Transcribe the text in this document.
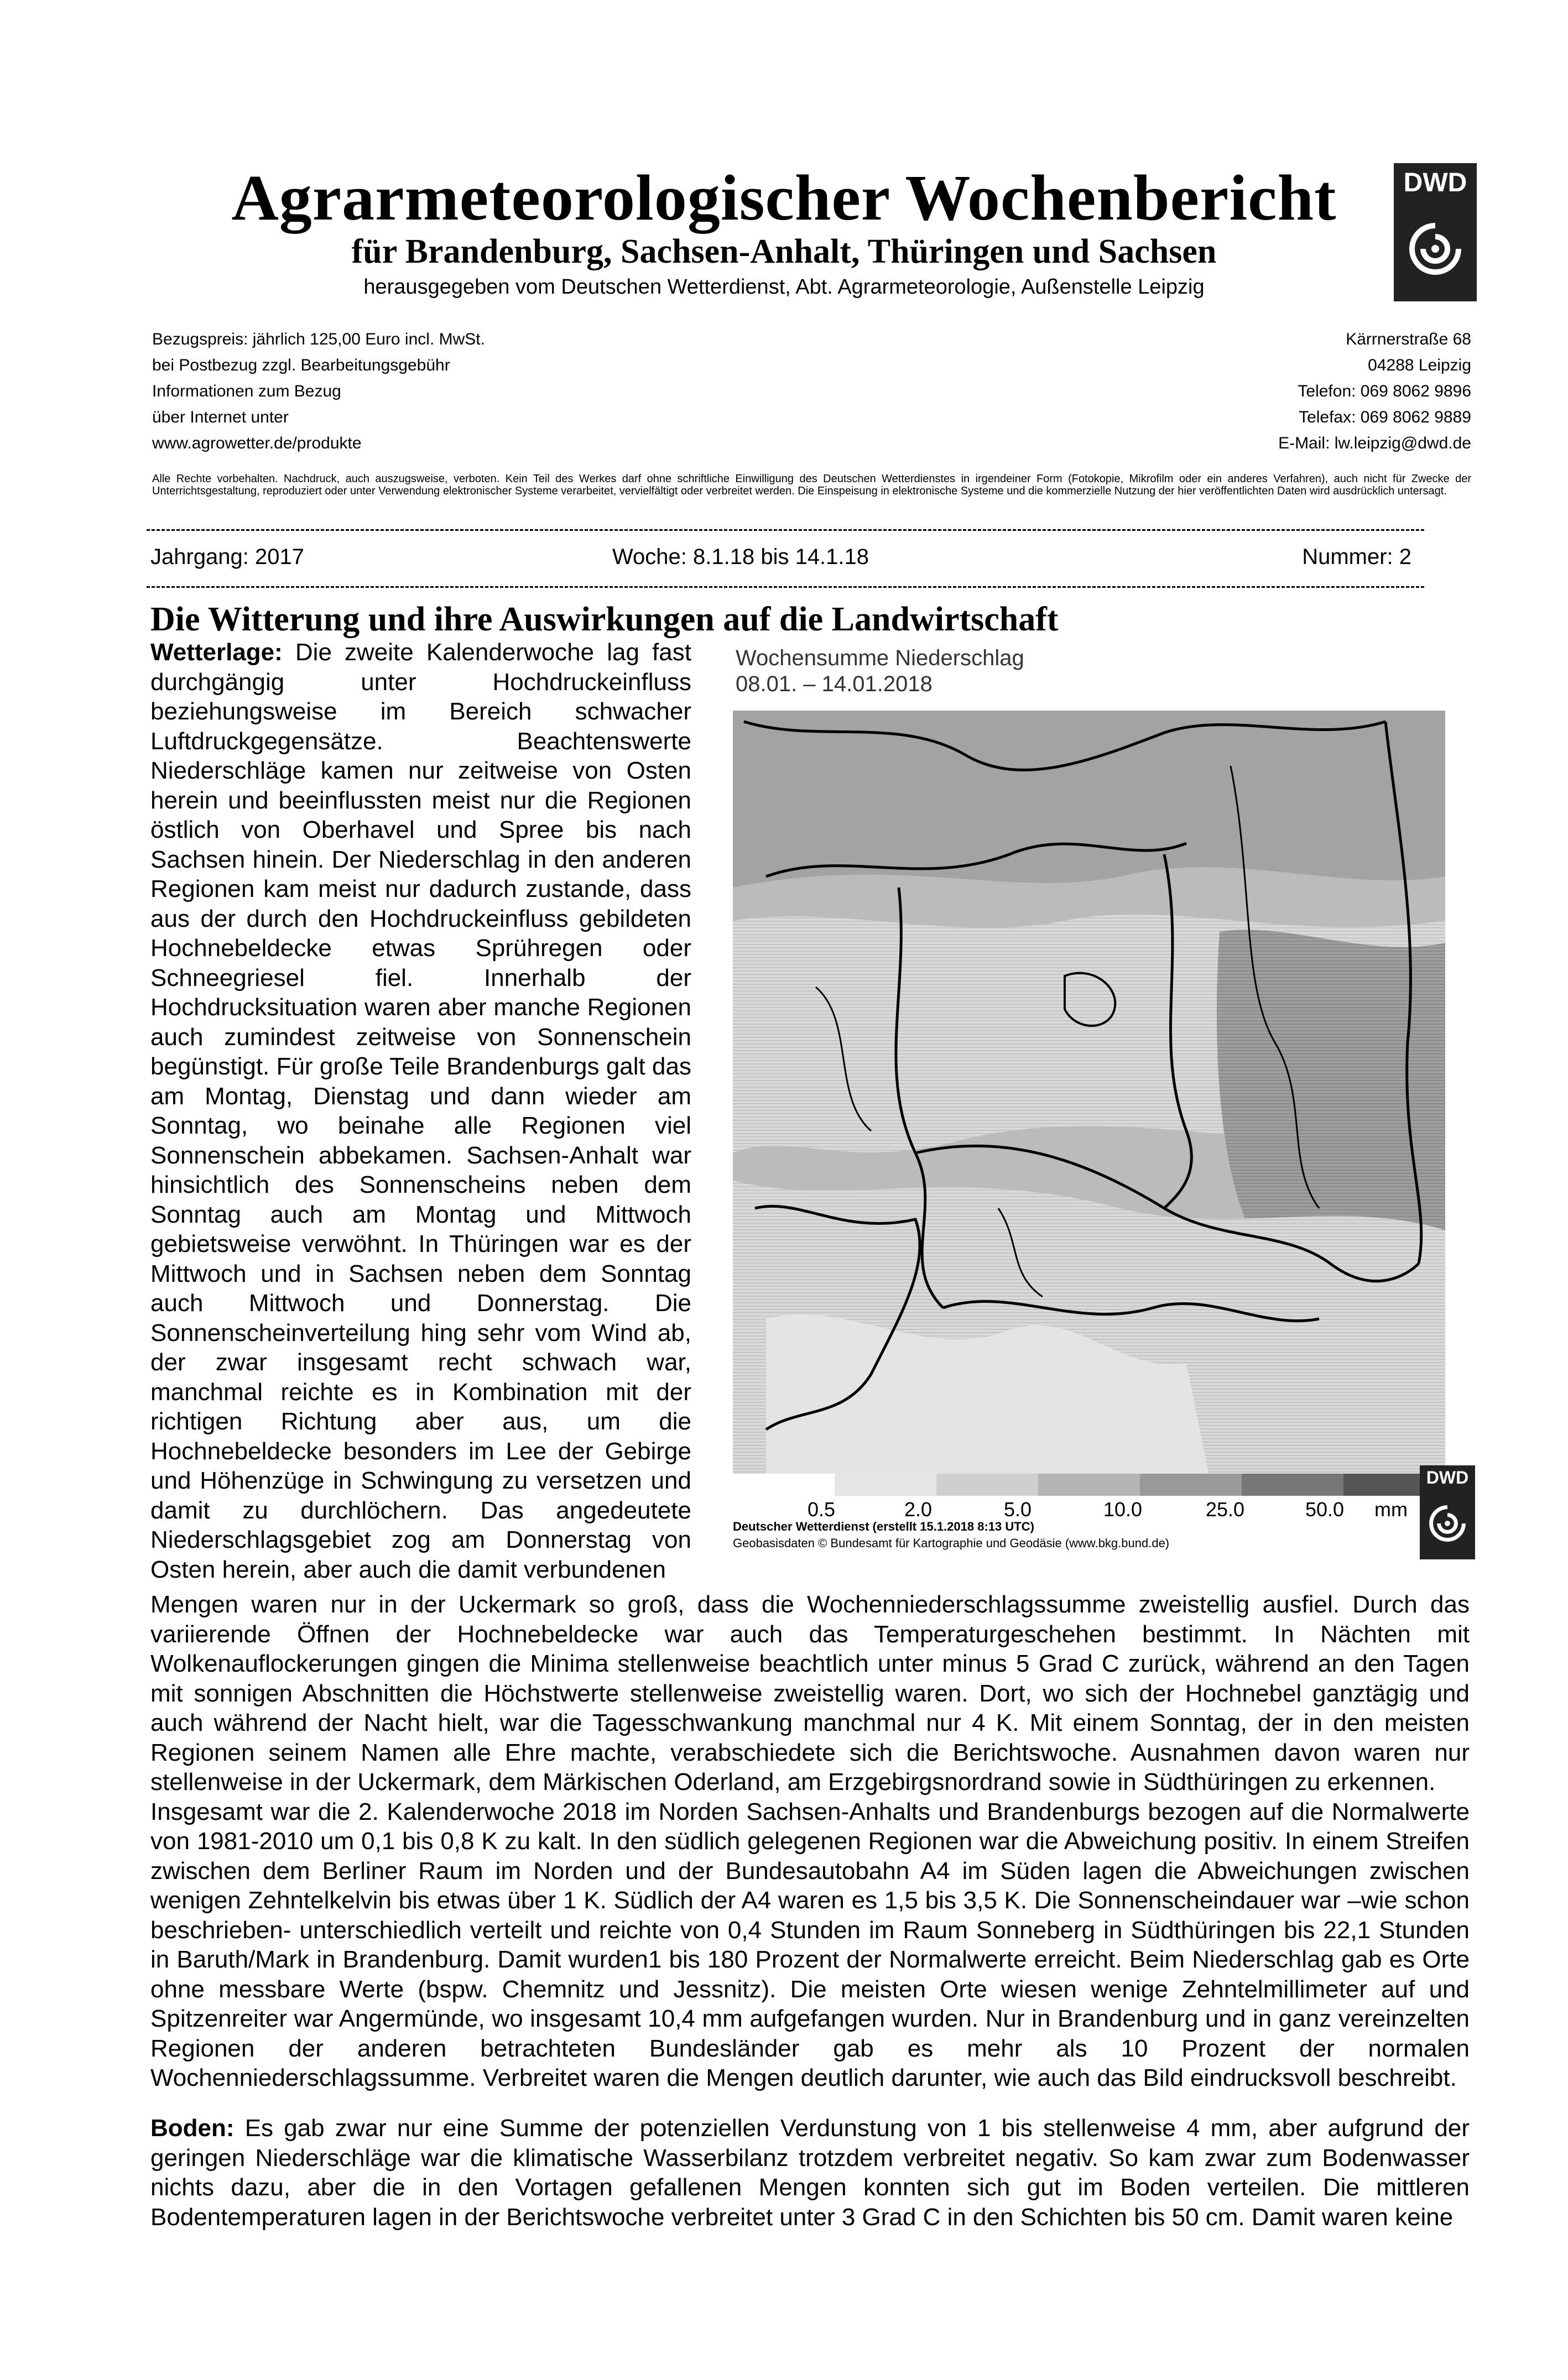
Agrarmeteorologischer Wochenbericht
für Brandenburg, Sachsen-Anhalt, Thüringen und Sachsen
herausgegeben vom Deutschen Wetterdienst, Abt. Agrarmeteorologie, Außenstelle Leipzig
DWD
Bezugspreis: jährlich 125,00 Euro incl. MwSt.
bei Postbezug zzgl. Bearbeitungsgebühr
Informationen zum Bezug
über Internet unter
www.agrowetter.de/produkte
Kärrnerstraße 68
04288 Leipzig
Telefon: 069 8062 9896
Telefax: 069 8062 9889
E-Mail: lw.leipzig@dwd.de
Alle Rechte vorbehalten. Nachdruck, auch auszugsweise, verboten. Kein Teil des Werkes darf ohne schriftliche Einwilligung des Deutschen Wetterdienstes in irgendeiner Form (Fotokopie, Mikrofilm oder ein anderes Verfahren), auch nicht für Zwecke der Unterrichtsgestaltung, reproduziert oder unter Verwendung elektronischer Systeme verarbeitet, vervielfältigt oder verbreitet werden. Die Einspeisung in elektronische Systeme und die kommerzielle Nutzung der hier veröffentlichten Daten wird ausdrücklich untersagt.
Jahrgang: 2017	Woche: 8.1.18 bis 14.1.18	Nummer: 2
Die Witterung und ihre Auswirkungen auf die Landwirtschaft
Wetterlage: Die zweite Kalenderwoche lag fast durchgängig unter Hochdruckeinfluss beziehungsweise im Bereich schwacher Luftdruckgegensätze. Beachtenswerte Niederschläge kamen nur zeitweise von Osten herein und beeinflussten meist nur die Regionen östlich von Oberhavel und Spree bis nach Sachsen hinein. Der Niederschlag in den anderen Regionen kam meist nur dadurch zustande, dass aus der durch den Hochdruckeinfluss gebildeten Hochnebeldecke etwas Sprühregen oder Schneegriesel fiel. Innerhalb der Hochdrucksituation waren aber manche Regionen auch zumindest zeitweise von Sonnenschein begünstigt. Für große Teile Brandenburgs galt das am Montag, Dienstag und dann wieder am Sonntag, wo beinahe alle Regionen viel Sonnenschein abbekamen. Sachsen-Anhalt war hinsichtlich des Sonnenscheins neben dem Sonntag auch am Montag und Mittwoch gebietsweise verwöhnt. In Thüringen war es der Mittwoch und in Sachsen neben dem Sonntag auch Mittwoch und Donnerstag. Die Sonnenscheinverteilung hing sehr vom Wind ab, der zwar insgesamt recht schwach war, manchmal reichte es in Kombination mit der richtigen Richtung aber aus, um die Hochnebeldecke besonders im Lee der Gebirge und Höhenzüge in Schwingung zu versetzen und damit zu durchlöchern. Das angedeutete Niederschlagsgebiet zog am Donnerstag von Osten herein, aber auch die damit verbundenen
Wochensumme Niederschlag
08.01. – 14.01.2018
0.5	2.0	5.0	10.0	25.0	50.0 mm
Deutscher Wetterdienst (erstellt 15.1.2018 8:13 UTC)
Geobasisdaten © Bundesamt für Kartographie und Geodäsie (www.bkg.bund.de)
DWD
Mengen waren nur in der Uckermark so groß, dass die Wochenniederschlagssumme zweistellig ausfiel. Durch das variierende Öffnen der Hochnebeldecke war auch das Temperaturgeschehen bestimmt. In Nächten mit Wolkenauflockerungen gingen die Minima stellenweise beachtlich unter minus 5 Grad C zurück, während an den Tagen mit sonnigen Abschnitten die Höchstwerte stellenweise zweistellig waren. Dort, wo sich der Hochnebel ganztägig und auch während der Nacht hielt, war die Tagesschwankung manchmal nur 4 K. Mit einem Sonntag, der in den meisten Regionen seinem Namen alle Ehre machte, verabschiedete sich die Berichtswoche. Ausnahmen davon waren nur stellenweise in der Uckermark, dem Märkischen Oderland, am Erzgebirgsnordrand sowie in Südthüringen zu erkennen.
Insgesamt war die 2. Kalenderwoche 2018 im Norden Sachsen-Anhalts und Brandenburgs bezogen auf die Normalwerte von 1981-2010 um 0,1 bis 0,8 K zu kalt. In den südlich gelegenen Regionen war die Abweichung positiv. In einem Streifen zwischen dem Berliner Raum im Norden und der Bundesautobahn A4 im Süden lagen die Abweichungen zwischen wenigen Zehntelkelvin bis etwas über 1 K. Südlich der A4 waren es 1,5 bis 3,5 K. Die Sonnenscheindauer war –wie schon beschrieben- unterschiedlich verteilt und reichte von 0,4 Stunden im Raum Sonneberg in Südthüringen bis 22,1 Stunden in Baruth/Mark in Brandenburg. Damit wurden1 bis 180 Prozent der Normalwerte erreicht. Beim Niederschlag gab es Orte ohne messbare Werte (bspw. Chemnitz und Jessnitz). Die meisten Orte wiesen wenige Zehntelmillimeter auf und Spitzenreiter war Angermünde, wo insgesamt 10,4 mm aufgefangen wurden. Nur in Brandenburg und in ganz vereinzelten Regionen der anderen betrachteten Bundesländer gab es mehr als 10 Prozent der normalen Wochenniederschlagssumme. Verbreitet waren die Mengen deutlich darunter, wie auch das Bild eindrucksvoll beschreibt.
Boden: Es gab zwar nur eine Summe der potenziellen Verdunstung von 1 bis stellenweise 4 mm, aber aufgrund der geringen Niederschläge war die klimatische Wasserbilanz trotzdem verbreitet negativ. So kam zwar zum Bodenwasser nichts dazu, aber die in den Vortagen gefallenen Mengen konnten sich gut im Boden verteilen. Die mittleren Bodentemperaturen lagen in der Berichtswoche verbreitet unter 3 Grad C in den Schichten bis 50 cm. Damit waren keine
